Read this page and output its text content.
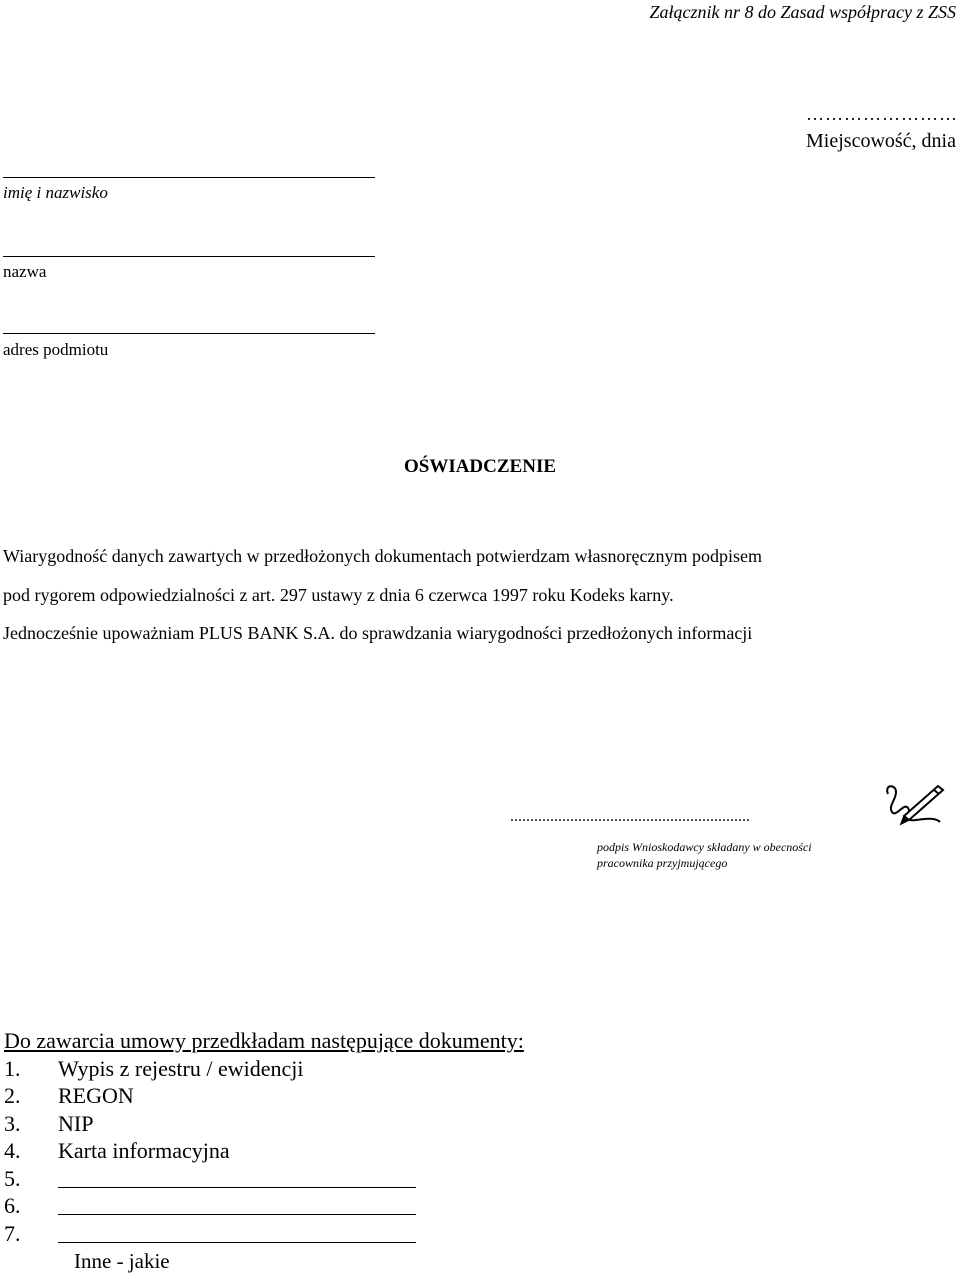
Załącznik nr 8 do Zasad współpracy z ZSS
……………………
Miejscowość, dnia
imię i nazwisko
nazwa
adres podmiotu
OŚWIADCZENIE
Wiarygodność danych zawartych w przedłożonych dokumentach potwierdzam własnoręcznym podpisem
pod rygorem odpowiedzialności z art. 297 ustawy z dnia 6 czerwca 1997 roku Kodeks karny.
Jednocześnie upoważniam PLUS BANK S.A. do sprawdzania wiarygodności przedłożonych informacji
............................................................
podpis Wnioskodawcy składany w obecności
pracownika przyjmującego
Do zawarcia umowy przedkładam następujące dokumenty:
1. Wypis z rejestru / ewidencji
2. REGON
3. NIP
4. Karta informacyjna
5.
6.
7.
Inne - jakie
